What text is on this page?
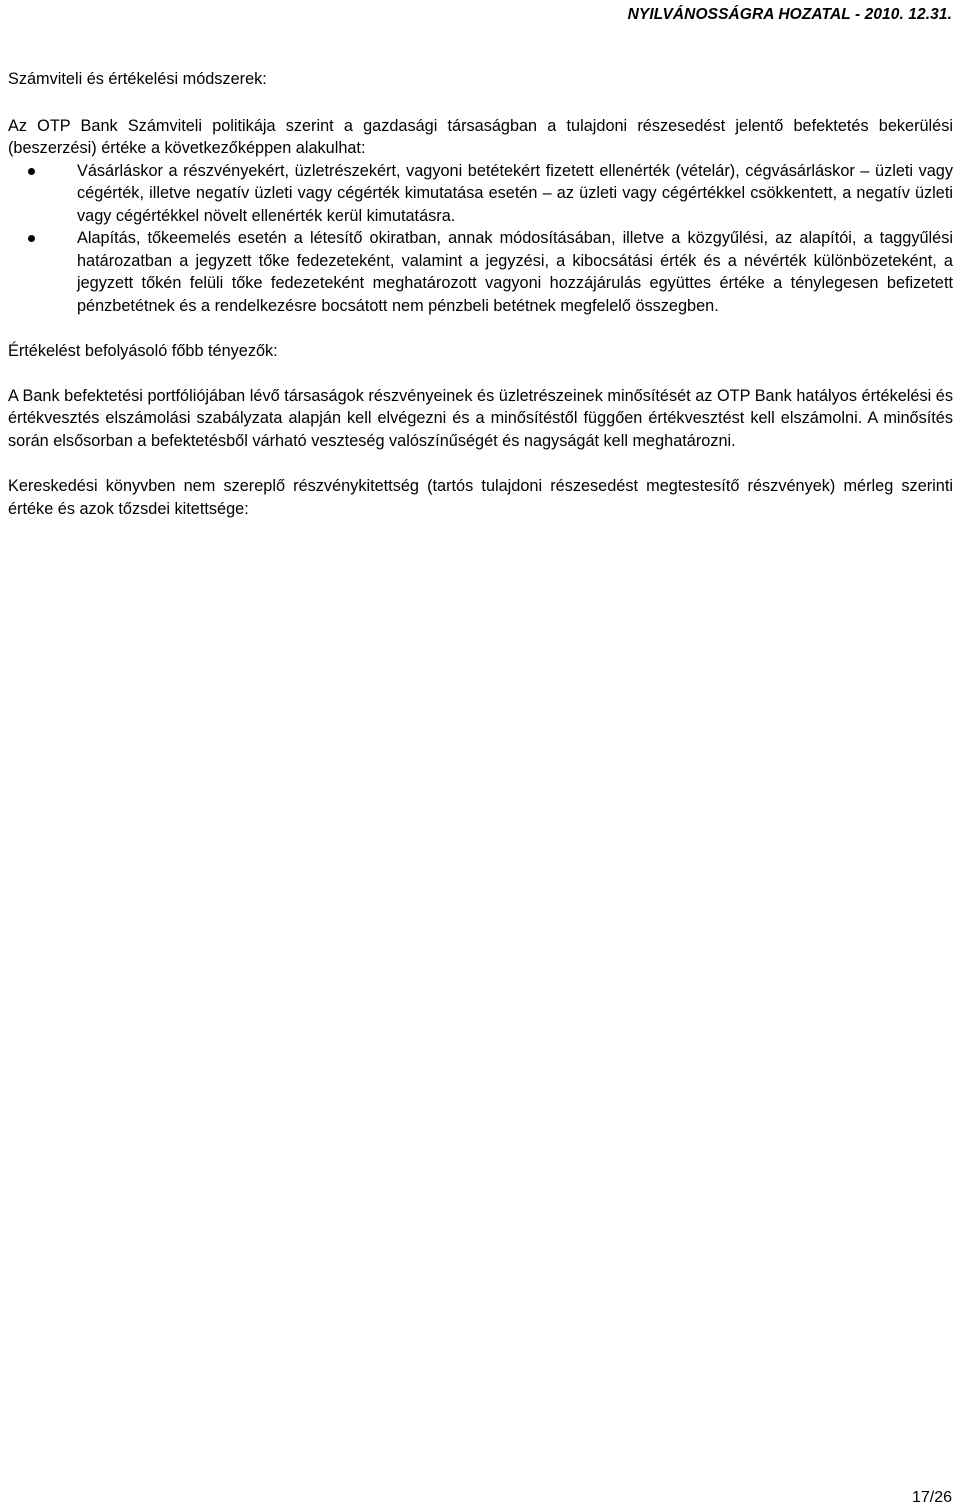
NYILVÁNOSSÁGRA HOZATAL - 2010. 12.31.

Számviteli és értékelési módszerek:

Az OTP Bank Számviteli politikája szerint a gazdasági társaságban a tulajdoni részesedést jelentő befektetés bekerülési (beszerzési) értéke a következőképpen alakulhat:

Vásárláskor a részvényekért, üzletrészekért, vagyoni betétekért fizetett ellenérték (vételár), cégvásárláskor – üzleti vagy cégérték, illetve negatív üzleti vagy cégérték kimutatása esetén – az üzleti vagy cégértékkel csökkentett, a negatív üzleti vagy cégértékkel növelt ellenérték kerül kimutatásra.
Alapítás, tőkeemelés esetén a létesítő okiratban, annak módosításában, illetve a közgyűlési, az alapítói, a taggyűlési határozatban a jegyzett tőke fedezeteként, valamint a jegyzési, a kibocsátási érték és a névérték különbözeteként, a jegyzett tőkén felüli tőke fedezeteként meghatározott vagyoni hozzájárulás együttes értéke a ténylegesen befizetett pénzbetétnek és a rendelkezésre bocsátott nem pénzbeli betétnek megfelelő összegben.

Értékelést befolyásoló főbb tényezők:

A Bank befektetési portfóliójában lévő társaságok részvényeinek és üzletrészeinek minősítését az OTP Bank hatályos értékelési és értékvesztés elszámolási szabályzata alapján kell elvégezni és a minősítéstől függően értékvesztést kell elszámolni. A minősítés során elsősorban a befektetésből várható veszteség valószínűségét és nagyságát kell meghatározni.

Kereskedési könyvben nem szereplő részvénykitettség (tartós tulajdoni részesedést megtestesítő részvények) mérleg szerinti értéke és azok tőzsdei kitettsége:

17/26
